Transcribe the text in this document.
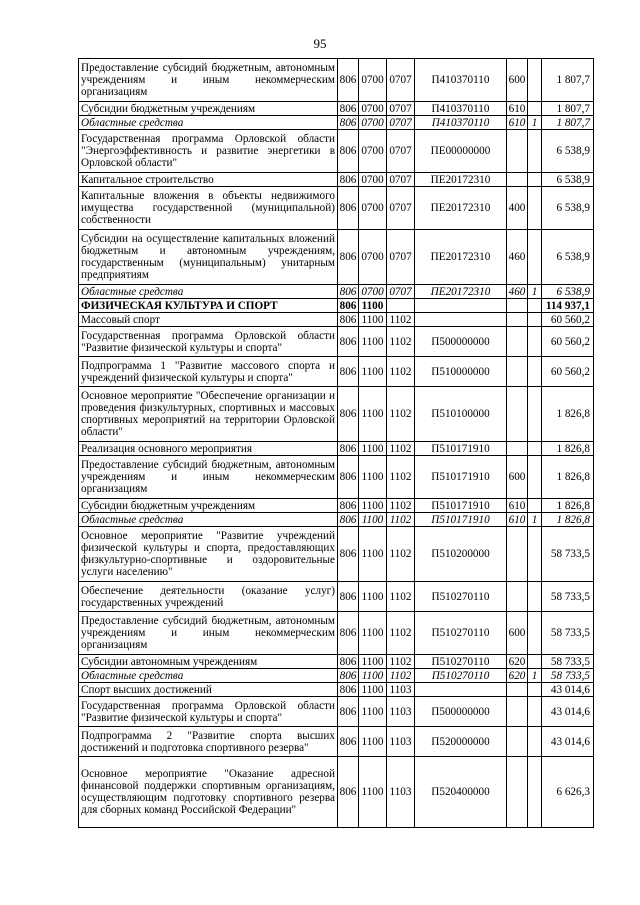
95
Предоставление субсидий бюджетным, автономным учреждениям и иным некоммерческим организациям	806	0700	0707	П410370110	600		1 807,7
Субсидии бюджетным учреждениям	806	0700	0707	П410370110	610		1 807,7
Областные средства	806	0700	0707	П410370110	610	1	1 807,7
Государственная программа Орловской области "Энергоэффективность и развитие энергетики в Орловской области"	806	0700	0707	ПЕ00000000			6 538,9
Капитальное строительство	806	0700	0707	ПЕ20172310			6 538,9
Капитальные вложения в объекты недвижимого имущества государственной (муниципальной) собственности	806	0700	0707	ПЕ20172310	400		6 538,9
Субсидии на осуществление капитальных вложений бюджетным и автономным учреждениям, государственным (муниципальным) унитарным предприятиям	806	0700	0707	ПЕ20172310	460		6 538,9
Областные средства	806	0700	0707	ПЕ20172310	460	1	6 538,9
ФИЗИЧЕСКАЯ КУЛЬТУРА И СПОРТ	806	1100					114 937,1
Массовый спорт	806	1100	1102				60 560,2
Государственная программа Орловской области "Развитие физической культуры и спорта"	806	1100	1102	П500000000			60 560,2
Подпрограмма 1 "Развитие массового спорта и учреждений физической культуры и спорта"	806	1100	1102	П510000000			60 560,2
Основное мероприятие "Обеспечение организации и проведения физкультурных, спортивных и массовых спортивных мероприятий на территории Орловской области"	806	1100	1102	П510100000			1 826,8
Реализация основного мероприятия	806	1100	1102	П510171910			1 826,8
Предоставление субсидий бюджетным, автономным учреждениям и иным некоммерческим организациям	806	1100	1102	П510171910	600		1 826,8
Субсидии бюджетным учреждениям	806	1100	1102	П510171910	610		1 826,8
Областные средства	806	1100	1102	П510171910	610	1	1 826,8
Основное мероприятие "Развитие учреждений физической культуры и спорта, предоставляющих физкультурно-спортивные и оздоровительные услуги населению"	806	1100	1102	П510200000			58 733,5
Обеспечение деятельности (оказание услуг) государственных учреждений	806	1100	1102	П510270110			58 733,5
Предоставление субсидий бюджетным, автономным учреждениям и иным некоммерческим организациям	806	1100	1102	П510270110	600		58 733,5
Субсидии автономным учреждениям	806	1100	1102	П510270110	620		58 733,5
Областные средства	806	1100	1102	П510270110	620	1	58 733,5
Спорт высших достижений	806	1100	1103				43 014,6
Государственная программа Орловской области "Развитие физической культуры и спорта"	806	1100	1103	П500000000			43 014,6
Подпрограмма 2 "Развитие спорта высших достижений и подготовка спортивного резерва"	806	1100	1103	П520000000			43 014,6
Основное мероприятие "Оказание адресной финансовой поддержки спортивным организациям, осуществляющим подготовку спортивного резерва для сборных команд Российской Федерации"	806	1100	1103	П520400000			6 626,3
